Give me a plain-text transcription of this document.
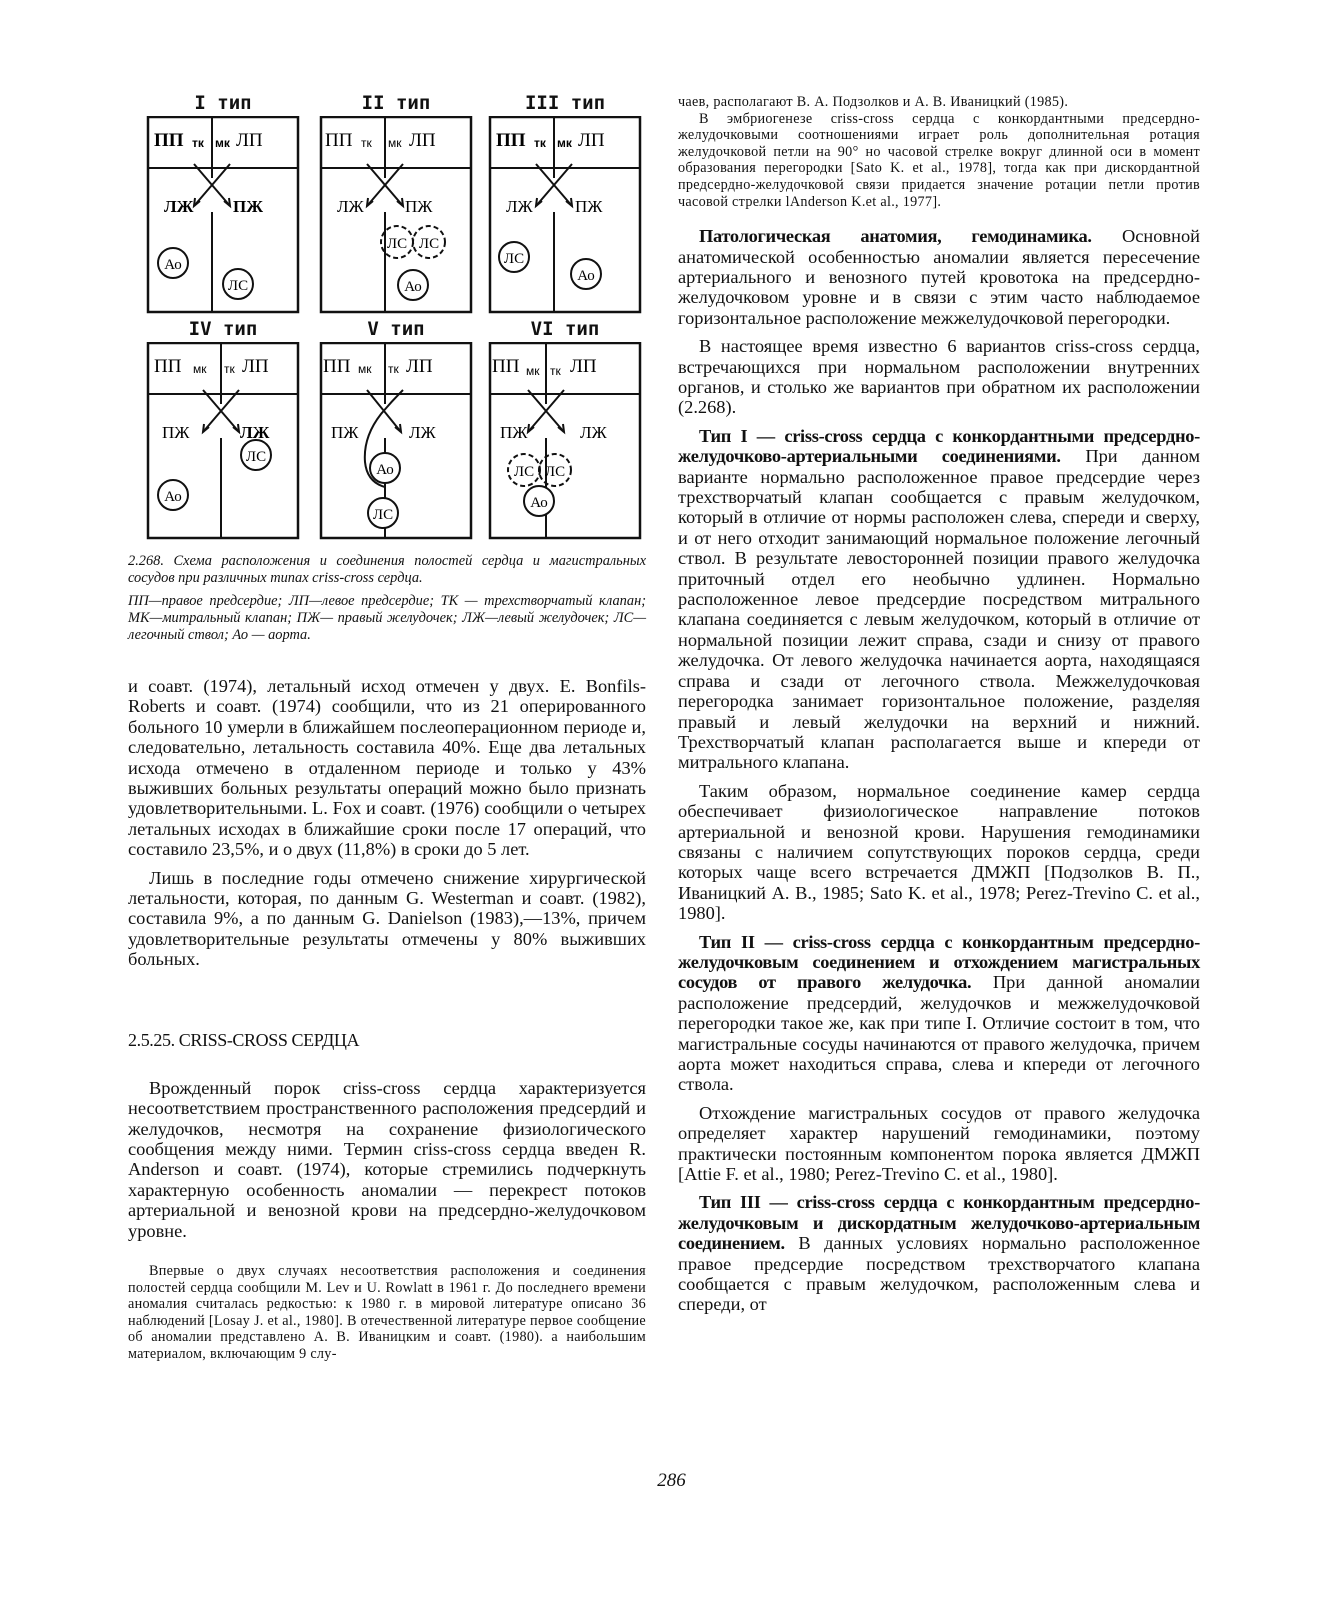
I тип
ПП тк мк ЛП
ЛЖ ПЖ
Ао
ЛС
II тип
ПП тк мк ЛП
ЛЖ ПЖ
ЛС ЛС
Ао
III тип
ПП тк мк ЛП
ЛЖ ПЖ
ЛС
Ао
IV тип
ПП мк тк ЛП
ПЖ	ЛЖ
Ао
ЛС
V тип
ПП мк тк ЛП
ПЖ	ЛЖ
Ао
ЛС
VI тип
ПП мк тк ЛП
ПЖ	ЛЖ
ЛС ЛС
Ао
2.268. Схема расположения и соединения полостей сердца и магистральных сосудов при различных типах criss-cross сердца.
ПП—правое предсердие; ЛП—левое предсердие; ТК — трехстворчатый клапан; МК—митральный клапан; ПЖ— правый желудочек; ЛЖ—левый желудочек; ЛС—легочный ствол; Ао — аорта.

и соавт. (1974), летальный исход отмечен у двух. E. Bonfils-Roberts и соавт. (1974) сообщили, что из 21 оперированного больного 10 умерли в ближайшем послеоперационном периоде и, следовательно, летальность составила 40%. Еще два летальных исхода отмечено в отдаленном периоде и только у 43% выживших больных результаты операций можно было признать удовлетворительными. L. Fox и соавт. (1976) сообщили о четырех летальных исходах в ближайшие сроки после 17 операций, что составило 23,5%, и о двух (11,8%) в сроки до 5 лет.

Лишь в последние годы отмечено снижение хирургической летальности, которая, по данным G. Westerman и соавт. (1982), составила 9%, а по данным G. Danielson (1983),—13%, причем удовлетворительные результаты отмечены у 80% выживших больных.

2.5.25. CRISS-CROSS СЕРДЦА

Врожденный порок criss-cross сердца характеризуется несоответствием пространственного расположения предсердий и желудочков, несмотря на сохранение физиологического сообщения между ними. Термин criss-cross сердца введен R. Anderson и соавт. (1974), которые стремились подчеркнуть характерную особенность аномалии — перекрест потоков артериальной и венозной крови на предсердно-желудочковом уровне.

Впервые о двух случаях несоответствия расположения и соединения полостей сердца сообщили M. Lev и U. Rowlatt в 1961 г. До последнего времени аномалия считалась редкостью: к 1980 г. в мировой литературе описано 36 наблюдений [Losay J. et al., 1980]. В отечественной литературе первое сообщение об аномалии представлено А. В. Иваницким и соавт. (1980). а наибольшим материалом, включающим 9 слу-

чаев, располагают В. А. Подзолков и А. В. Иваницкий (1985).

В эмбриогенезе criss-cross сердца с конкордантными предсердно-желудочковыми соотношениями играет роль дополнительная ротация желудочковой петли на 90° но часовой стрелке вокруг длинной оси в момент образования перегородки [Sato K. et al., 1978], тогда как при дискордантной предсердно-желудочковой связи придается значение ротации петли против часовой стрелки lAnderson K.et al., 1977].

Патологическая анатомия, гемодинамика. Основной анатомической особенностью аномалии является пересечение артериального и венозного путей кровотока на предсердно-желудочковом уровне и в связи с этим часто наблюдаемое горизонтальное расположение межжелудочковой перегородки.

В настоящее время известно 6 вариантов criss-cross сердца, встречающихся при нормальном расположении внутренних органов, и столько же вариантов при обратном их расположении (2.268).

Тип I — criss-cross сердца с конкордантными предсердно-желудочково-артериальными соединениями. При данном варианте нормально расположенное правое предсердие через трехстворчатый клапан сообщается с правым желудочком, который в отличие от нормы расположен слева, спереди и сверху, и от него отходит занимающий нормальное положение легочный ствол. В результате левосторонней позиции правого желудочка приточный отдел его необычно удлинен. Нормально расположенное левое предсердие посредством митрального клапана соединяется с левым желудочком, который в отличие от нормальной позиции лежит справа, сзади и снизу от правого желудочка. От левого желудочка начинается аорта, находящаяся справа и сзади от легочного ствола. Межжелудочковая перегородка занимает горизонтальное положение, разделяя правый и левый желудочки на верхний и нижний. Трехстворчатый клапан располагается выше и кпереди от митрального клапана.

Таким образом, нормальное соединение камер сердца обеспечивает физиологическое направление потоков артериальной и венозной крови. Нарушения гемодинамики связаны с наличием сопутствующих пороков сердца, среди которых чаще всего встречается ДМЖП [Подзолков В. П., Иваницкий А. В., 1985; Sato K. et al., 1978; Perez-Trevino C. et al., 1980].

Тип II — criss-cross сердца с конкордантным предсердно-желудочковым соединением и отхождением магистральных сосудов от правого желудочка. При данной аномалии расположение предсердий, желудочков и межжелудочковой перегородки такое же, как при типе I. Отличие состоит в том, что магистральные сосуды начинаются от правого желудочка, причем аорта может находиться справа, слева и кпереди от легочного ствола.

Отхождение магистральных сосудов от правого желудочка определяет характер нарушений гемодинамики, поэтому практически постоянным компонентом порока является ДМЖП [Attie F. et al., 1980; Perez-Trevino C. et al., 1980].

Тип III — criss-cross сердца с конкордантным предсердно-желудочковым и дискордатным желудочково-артериальным соединением. В данных условиях нормально расположенное правое предсердие посредством трехстворчатого клапана сообщается с правым желудочком, расположенным слева и спереди, от

286
